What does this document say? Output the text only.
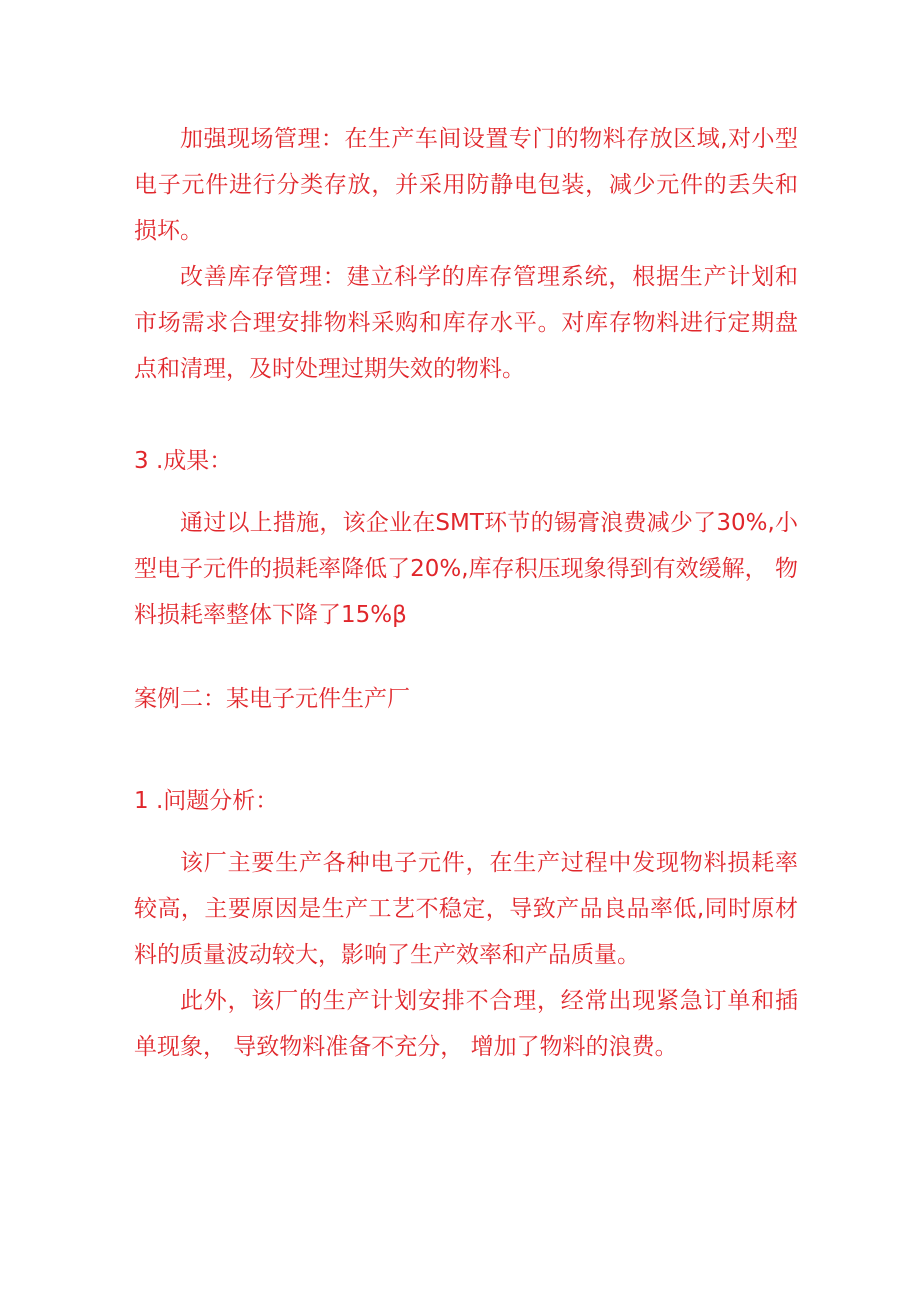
加强现场管理：在生产车间设置专门的物料存放区域,对小型电子元件进行分类存放，并采用防静电包装，减少元件的丢失和损坏。

改善库存管理：建立科学的库存管理系统，根据生产计划和市场需求合理安排物料采购和库存水平。对库存物料进行定期盘点和清理，及时处理过期失效的物料。

3 .成果：

通过以上措施，该企业在SMT环节的锡膏浪费减少了30%,小型电子元件的损耗率降低了20%,库存积压现象得到有效缓解， 物料损耗率整体下降了15%β

案例二：某电子元件生产厂

1 .问题分析：

该厂主要生产各种电子元件，在生产过程中发现物料损耗率较高，主要原因是生产工艺不稳定，导致产品良品率低,同时原材料的质量波动较大，影响了生产效率和产品质量。

此外，该厂的生产计划安排不合理，经常出现紧急订单和插单现象， 导致物料准备不充分， 增加了物料的浪费。
